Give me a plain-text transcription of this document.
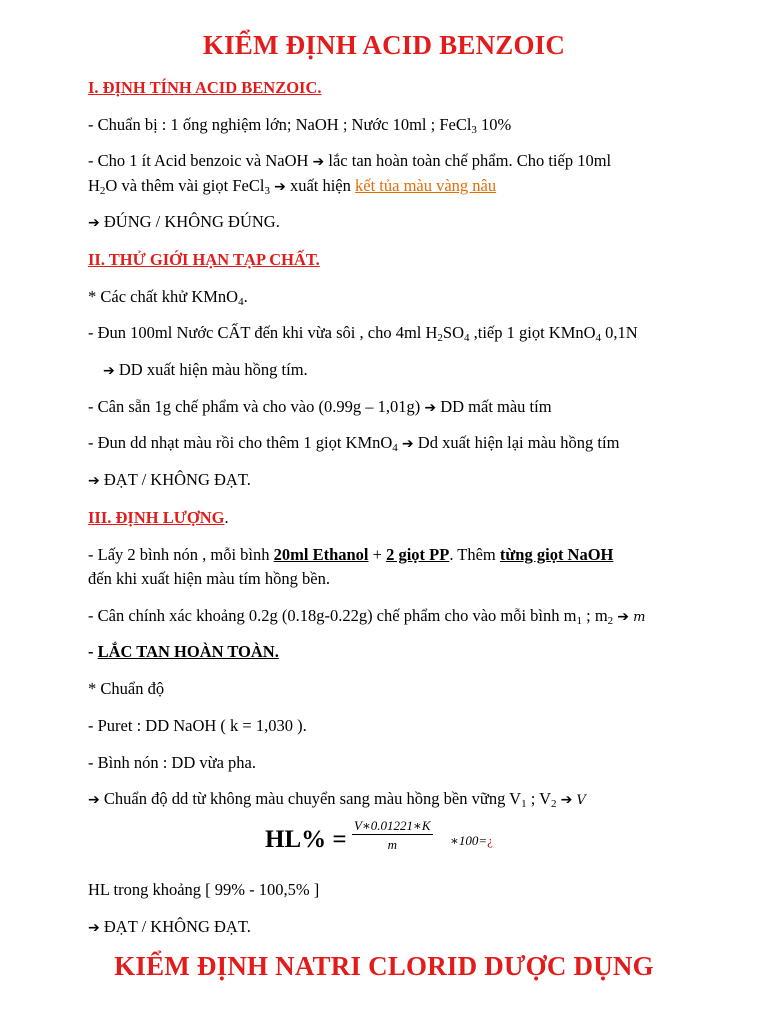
KIỂM ĐỊNH ACID BENZOIC
I. ĐỊNH TÍNH ACID BENZOIC.
- Chuẩn bị : 1 ống nghiệm lớn; NaOH ; Nước 10ml ; FeCl$_3$ 10%
- Cho 1 ít Acid benzoic và NaOH ➔ lắc tan hoàn toàn chế phẩm. Cho tiếp 10ml
$H_2O$ và thêm vài giọt FeCl$_3$ ➔ xuất hiện kết tủa màu vàng nâu
➔ ĐÚNG / KHÔNG ĐÚNG.
II. THỬ GIỚI HẠN TẠP CHẤT.
* Các chất khử KMnO$_4$.
- Đun 100ml Nước CẤT đến khi vừa sôi , cho 4ml $H_2SO_4$ ,tiếp 1 giọt KMnO$_4$ 0,1N
➔ DD xuất hiện màu hồng tím.
- Cân sẵn 1g chế phẩm và cho vào (0.99g – 1,01g) ➔ DD mất màu tím
- Đun dd nhạt màu rồi cho thêm 1 giọt KMnO$_4$ ➔ Dd xuất hiện lại màu hồng tím
➔ ĐẠT / KHÔNG ĐẠT.
III. ĐỊNH LƯỢNG.
- Lấy 2 bình nón , mỗi bình 20ml Ethanol + 2 giọt PP. Thêm từng giọt NaOH
đến khi xuất hiện màu tím hồng bền.
- Cân chính xác khoảng 0.2g (0.18g-0.22g) chế phẩm cho vào mỗi bình $m_1$ ; $m_2$ ➔ m
- LẮC TAN HOÀN TOÀN.
* Chuẩn độ
- Puret : DD NaOH ( k = 1,030 ).
- Bình nón : DD vừa pha.
➔ Chuẩn độ dd từ không màu chuyển sang màu hồng bền vững $V_1$ ; $V_2$ ➔ V
$HL\% = \frac{V∗0.01221∗K}{m}$ ∗100=¿
HL trong khoảng [ 99% - 100,5% ]
➔ ĐẠT / KHÔNG ĐẠT.
KIỂM ĐỊNH NATRI CLORID DƯỢC DỤNG
